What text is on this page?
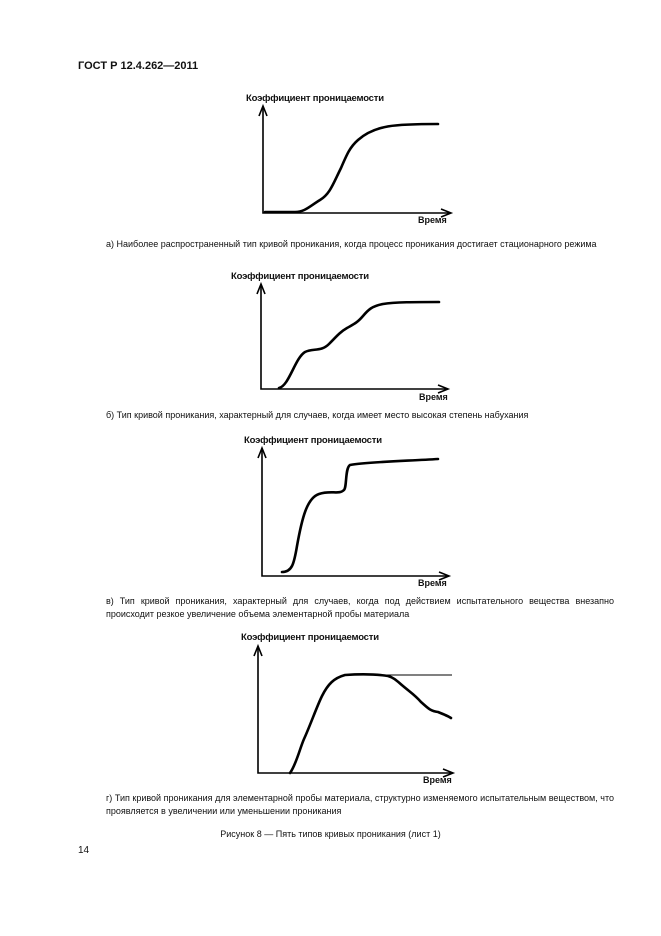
ГОСТ Р 12.4.262—2011
Коэффициент проницаемости
Время
а) Наиболее распространенный тип кривой проникания, когда процесс проникания достигает стационарного режима
Коэффициент проницаемости
Время
б) Тип кривой проникания, характерный для случаев, когда имеет место высокая степень набухания
Коэффициент проницаемости
Время
в) Тип кривой проникания, характерный для случаев, когда под действием испытательного вещества внезапно происходит резкое увеличение объема элементарной пробы материала
Коэффициент проницаемости
Время
г) Тип кривой проникания для элементарной пробы материала, структурно изменяемого испытательным веществом, что проявляется в увеличении или уменьшении проникания
Рисунок 8 — Пять типов кривых проникания (лист 1)
14
